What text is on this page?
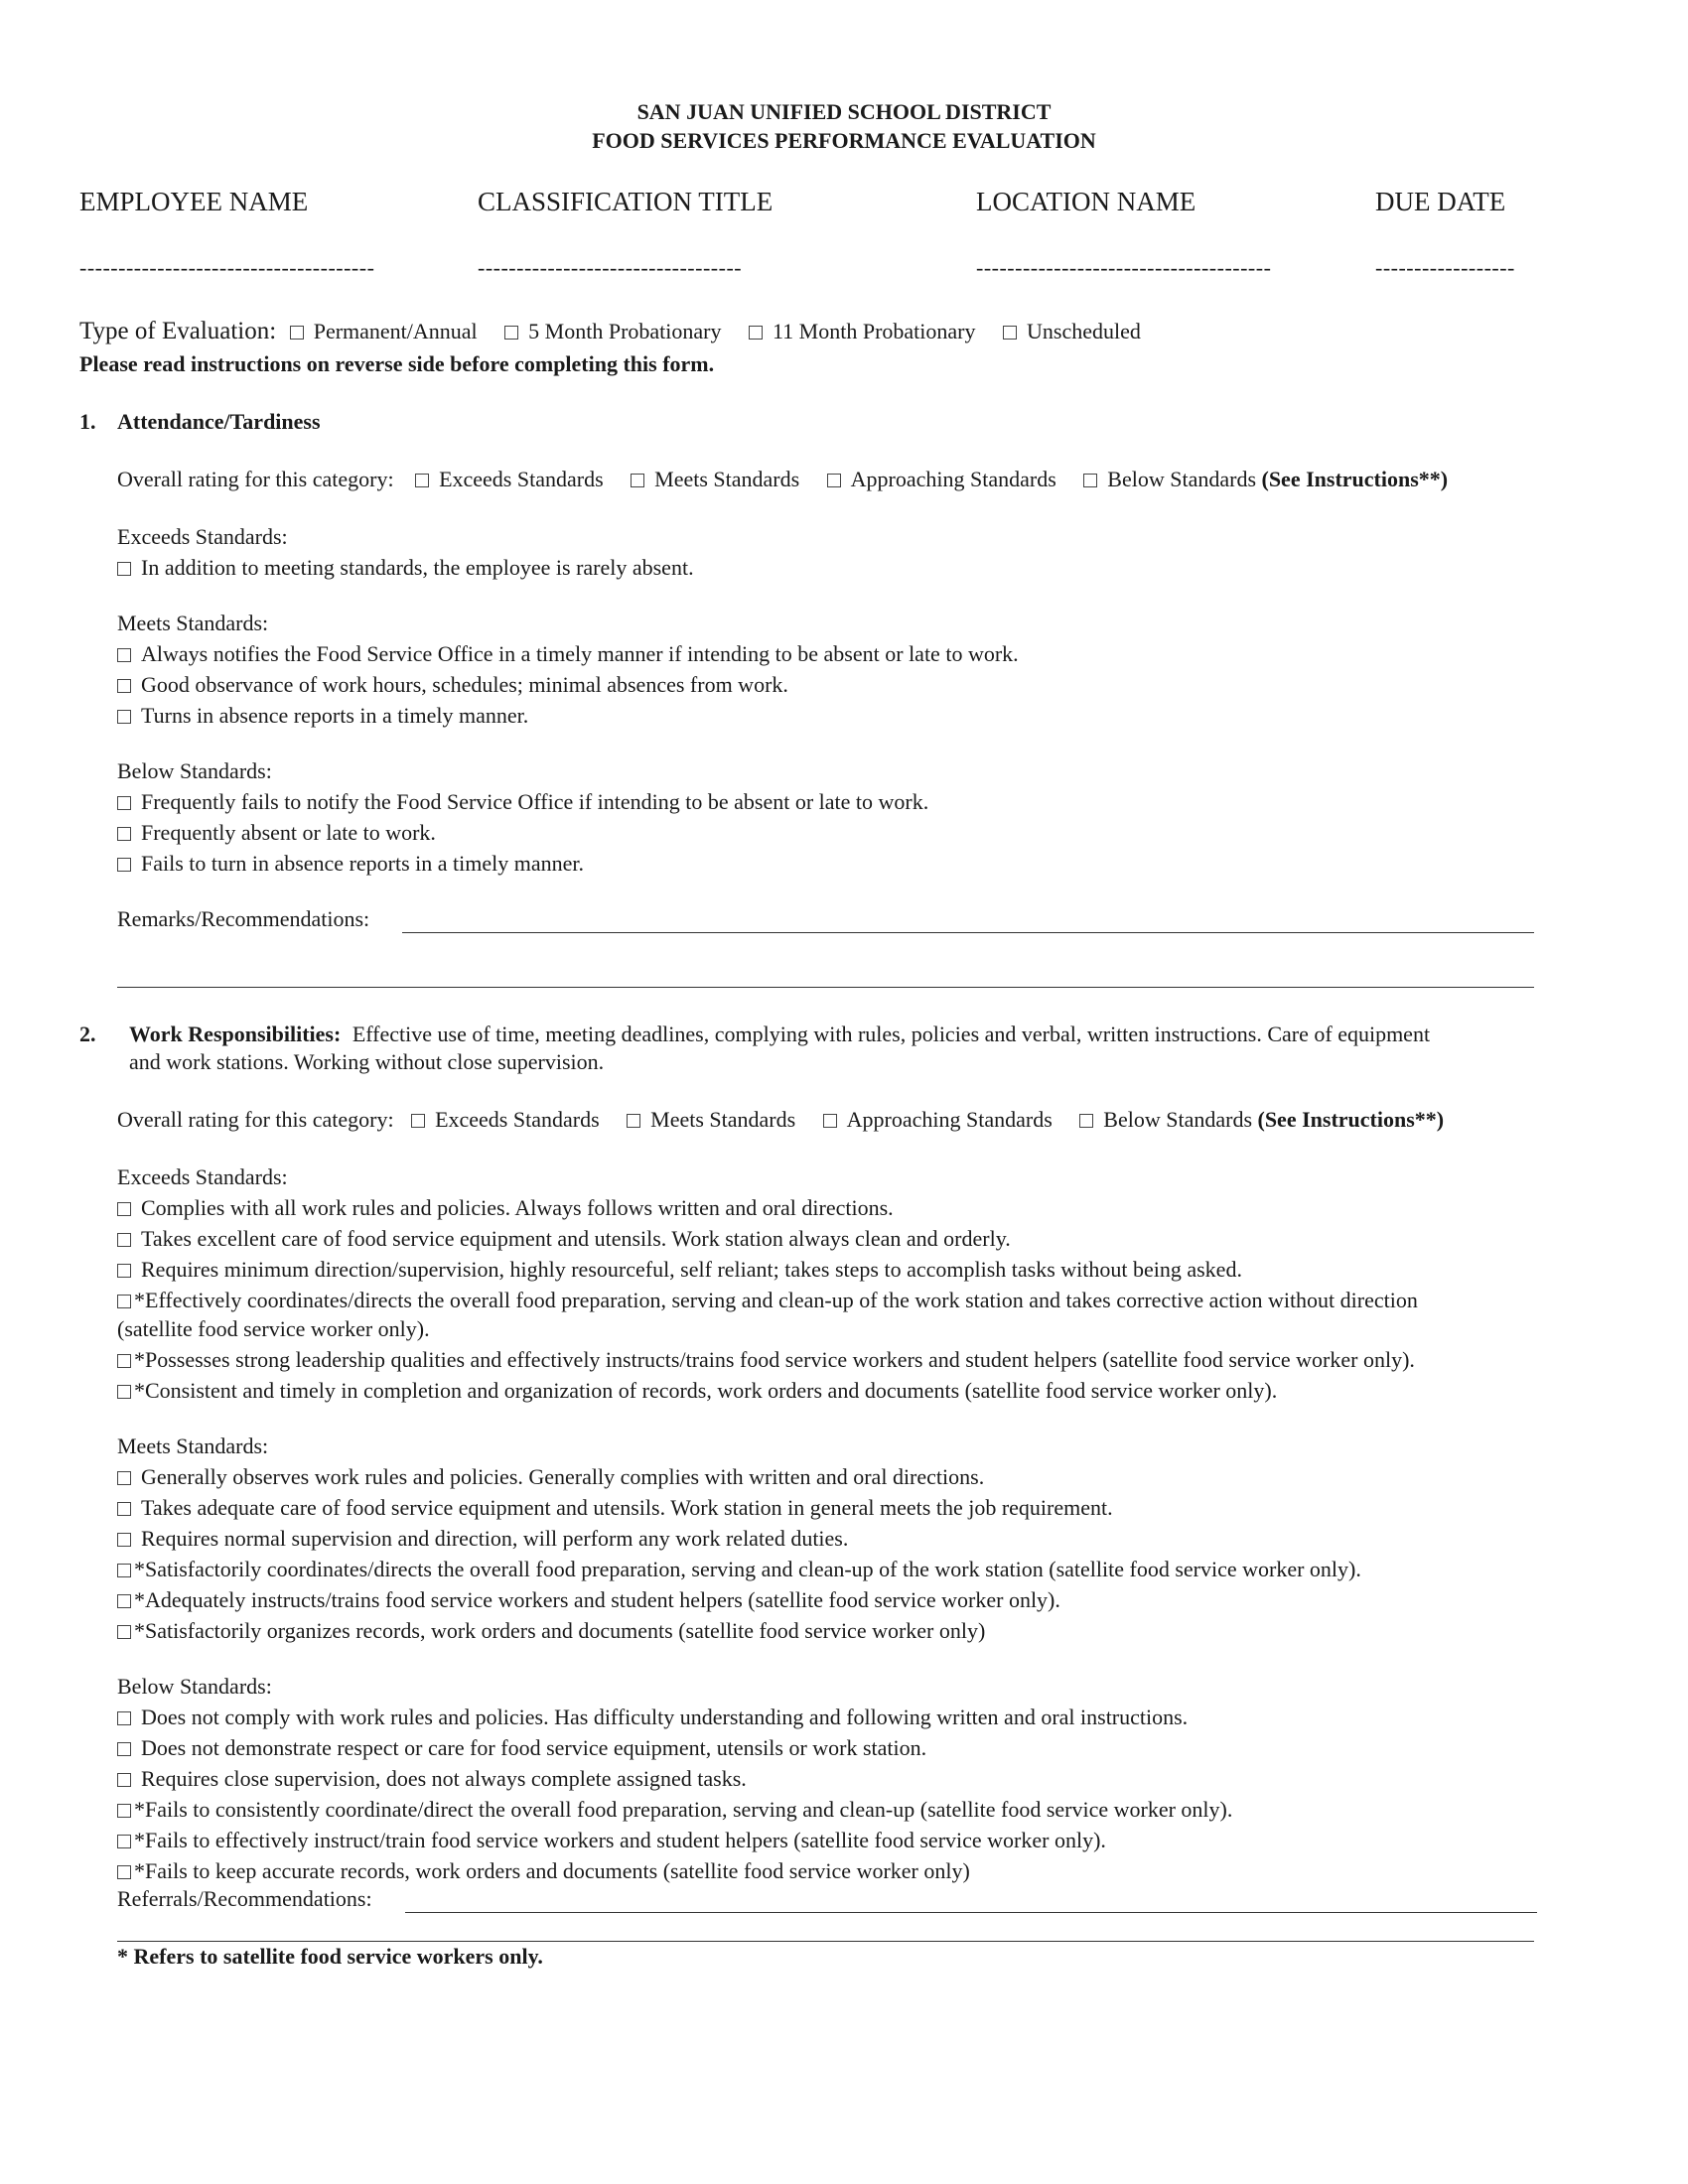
SAN JUAN UNIFIED SCHOOL DISTRICT
FOOD SERVICES PERFORMANCE EVALUATION
EMPLOYEE NAME	CLASSIFICATION TITLE	LOCATION NAME	DUE DATE
--------------------------------------	----------------------------------	--------------------------------------	------------------
Type of Evaluation: Permanent/Annual 5 Month Probationary 11 Month Probationary Unscheduled
Please read instructions on reverse side before completing this form.
1. Attendance/Tardiness
Overall rating for this category: Exceeds Standards Meets Standards Approaching Standards Below Standards (See Instructions**)
Exceeds Standards:
In addition to meeting standards, the employee is rarely absent.
Meets Standards:
Always notifies the Food Service Office in a timely manner if intending to be absent or late to work.
Good observance of work hours, schedules; minimal absences from work.
Turns in absence reports in a timely manner.
Below Standards:
Frequently fails to notify the Food Service Office if intending to be absent or late to work.
Frequently absent or late to work.
Fails to turn in absence reports in a timely manner.
Remarks/Recommendations:
2. Work Responsibilities: Effective use of time, meeting deadlines, complying with rules, policies and verbal, written instructions. Care of equipment
and work stations. Working without close supervision.
Overall rating for this category: Exceeds Standards Meets Standards Approaching Standards Below Standards (See Instructions**)
Exceeds Standards:
Complies with all work rules and policies. Always follows written and oral directions.
Takes excellent care of food service equipment and utensils. Work station always clean and orderly.
Requires minimum direction/supervision, highly resourceful, self reliant; takes steps to accomplish tasks without being asked.
*Effectively coordinates/directs the overall food preparation, serving and clean-up of the work station and takes corrective action without direction
(satellite food service worker only).
*Possesses strong leadership qualities and effectively instructs/trains food service workers and student helpers (satellite food service worker only).
*Consistent and timely in completion and organization of records, work orders and documents (satellite food service worker only).
Meets Standards:
Generally observes work rules and policies. Generally complies with written and oral directions.
Takes adequate care of food service equipment and utensils. Work station in general meets the job requirement.
Requires normal supervision and direction, will perform any work related duties.
*Satisfactorily coordinates/directs the overall food preparation, serving and clean-up of the work station (satellite food service worker only).
*Adequately instructs/trains food service workers and student helpers (satellite food service worker only).
*Satisfactorily organizes records, work orders and documents (satellite food service worker only)
Below Standards:
Does not comply with work rules and policies. Has difficulty understanding and following written and oral instructions.
Does not demonstrate respect or care for food service equipment, utensils or work station.
Requires close supervision, does not always complete assigned tasks.
*Fails to consistently coordinate/direct the overall food preparation, serving and clean-up (satellite food service worker only).
*Fails to effectively instruct/train food service workers and student helpers (satellite food service worker only).
*Fails to keep accurate records, work orders and documents (satellite food service worker only)
Referrals/Recommendations:
* Refers to satellite food service workers only.
